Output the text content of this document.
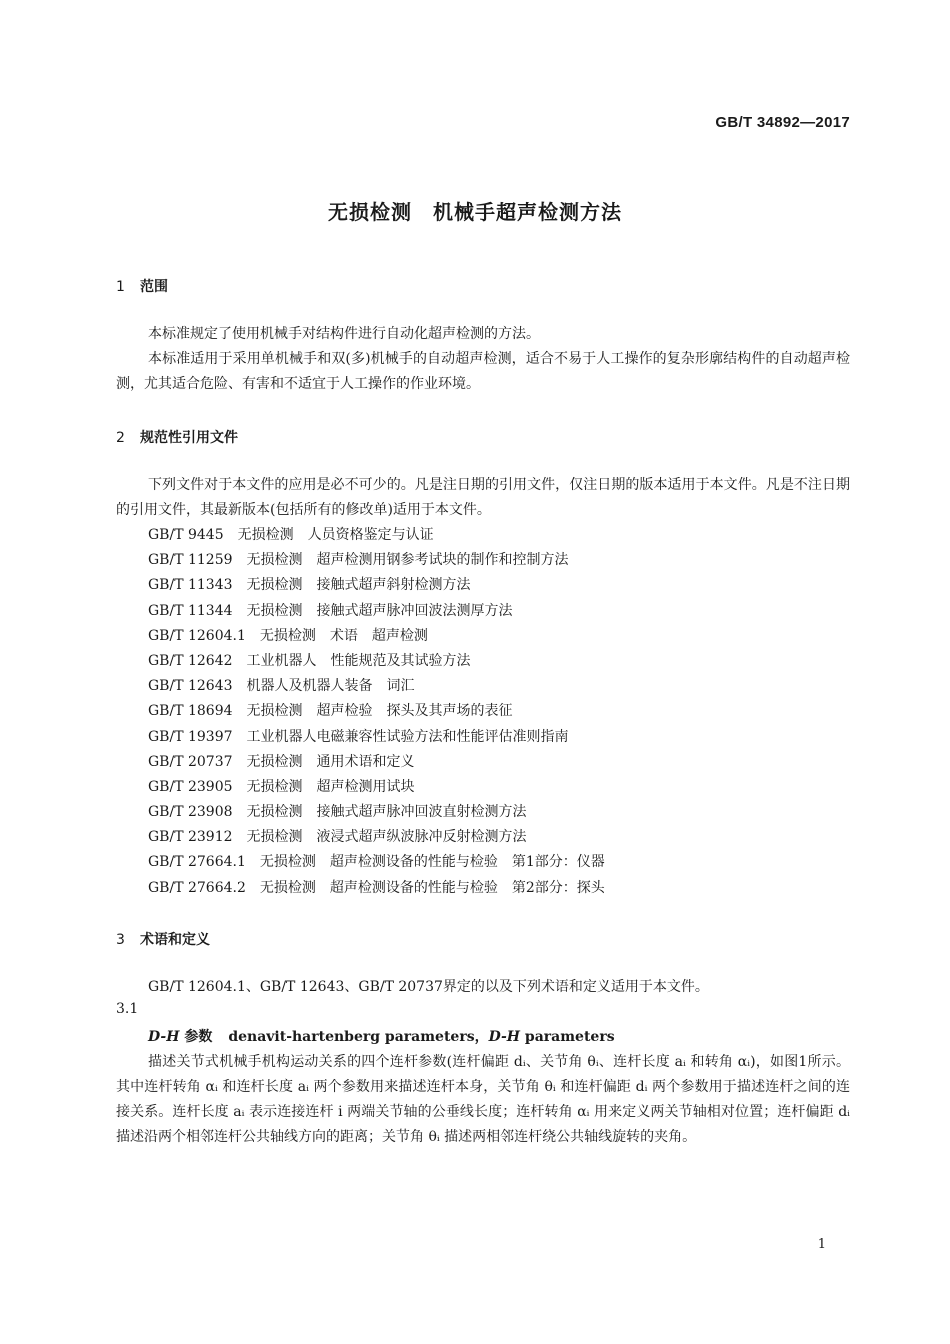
GB/T 34892—2017
无损检测　机械手超声检测方法
1 范围

本标准规定了使用机械手对结构件进行自动化超声检测的方法。

本标准适用于采用单机械手和双(多)机械手的自动超声检测，适合不易于人工操作的复杂形廓结构件的自动超声检测，尤其适合危险、有害和不适宜于人工操作的作业环境。

2 规范性引用文件

下列文件对于本文件的应用是必不可少的。凡是注日期的引用文件，仅注日期的版本适用于本文件。凡是不注日期的引用文件，其最新版本(包括所有的修改单)适用于本文件。

GB/T 9445　无损检测　人员资格鉴定与认证
GB/T 11259　无损检测　超声检测用钢参考试块的制作和控制方法
GB/T 11343　无损检测　接触式超声斜射检测方法
GB/T 11344　无损检测　接触式超声脉冲回波法测厚方法
GB/T 12604.1　无损检测　术语　超声检测
GB/T 12642　工业机器人　性能规范及其试验方法
GB/T 12643　机器人及机器人装备　词汇
GB/T 18694　无损检测　超声检验　探头及其声场的表征
GB/T 19397　工业机器人电磁兼容性试验方法和性能评估准则指南
GB/T 20737　无损检测　通用术语和定义
GB/T 23905　无损检测　超声检测用试块
GB/T 23908　无损检测　接触式超声脉冲回波直射检测方法
GB/T 23912　无损检测　液浸式超声纵波脉冲反射检测方法
GB/T 27664.1　无损检测　超声检测设备的性能与检验　第1部分：仪器
GB/T 27664.2　无损检测　超声检测设备的性能与检验　第2部分：探头
3 术语和定义

GB/T 12604.1、GB/T 12643、GB/T 20737界定的以及下列术语和定义适用于本文件。

3.1
D-H 参数 denavit-hartenberg parameters，D-H parameters

描述关节式机械手机构运动关系的四个连杆参数(连杆偏距 dᵢ、关节角 θᵢ、连杆长度 aᵢ 和转角 αᵢ)，如图1所示。其中连杆转角 αᵢ 和连杆长度 aᵢ 两个参数用来描述连杆本身，关节角 θᵢ 和连杆偏距 dᵢ 两个参数用于描述连杆之间的连接关系。连杆长度 aᵢ 表示连接连杆 i 两端关节轴的公垂线长度；连杆转角 αᵢ 用来定义两关节轴相对位置；连杆偏距 dᵢ 描述沿两个相邻连杆公共轴线方向的距离；关节角 θᵢ 描述两相邻连杆绕公共轴线旋转的夹角。

1
